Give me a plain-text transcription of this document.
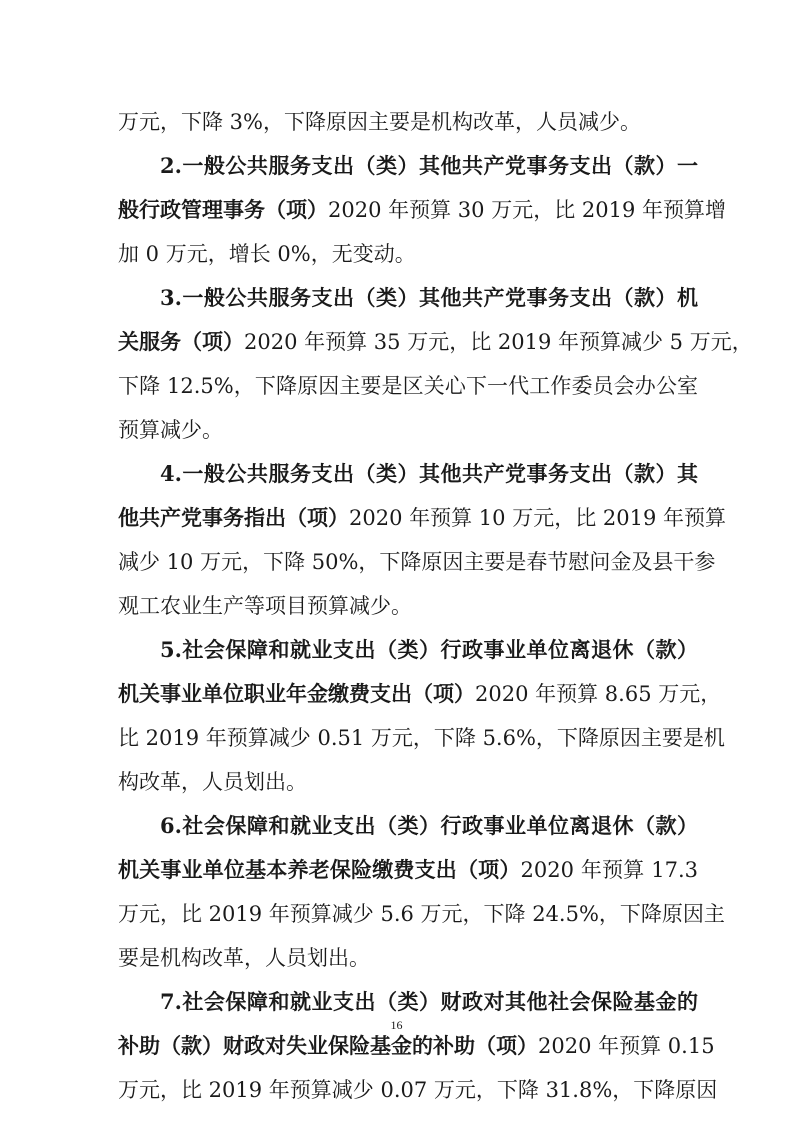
万元，下降 3%，下降原因主要是机构改革，人员减少。
2.一般公共服务支出（类）其他共产党事务支出（款）一
般行政管理事务（项）2020 年预算 30 万元，比 2019 年预算增
加 0 万元，增长 0%，无变动。
3.一般公共服务支出（类）其他共产党事务支出（款）机
关服务（项）2020 年预算 35 万元，比 2019 年预算减少 5 万元，
下降 12.5%，下降原因主要是区关心下一代工作委员会办公室
预算减少。
4.一般公共服务支出（类）其他共产党事务支出（款）其
他共产党事务指出（项）2020 年预算 10 万元，比 2019 年预算
减少 10 万元，下降 50%，下降原因主要是春节慰问金及县干参
观工农业生产等项目预算减少。
5.社会保障和就业支出（类）行政事业单位离退休（款）
机关事业单位职业年金缴费支出（项）2020 年预算 8.65 万元，
比 2019 年预算减少 0.51 万元，下降 5.6%，下降原因主要是机
构改革，人员划出。
6.社会保障和就业支出（类）行政事业单位离退休（款）
机关事业单位基本养老保险缴费支出（项）2020 年预算 17.3
万元，比 2019 年预算减少 5.6 万元，下降 24.5%，下降原因主
要是机构改革，人员划出。
7.社会保障和就业支出（类）财政对其他社会保险基金的
补助（款）财政对失业保险基金的补助（项）2020 年预算 0.15
万元，比 2019 年预算减少 0.07 万元，下降 31.8%，下降原因
16
